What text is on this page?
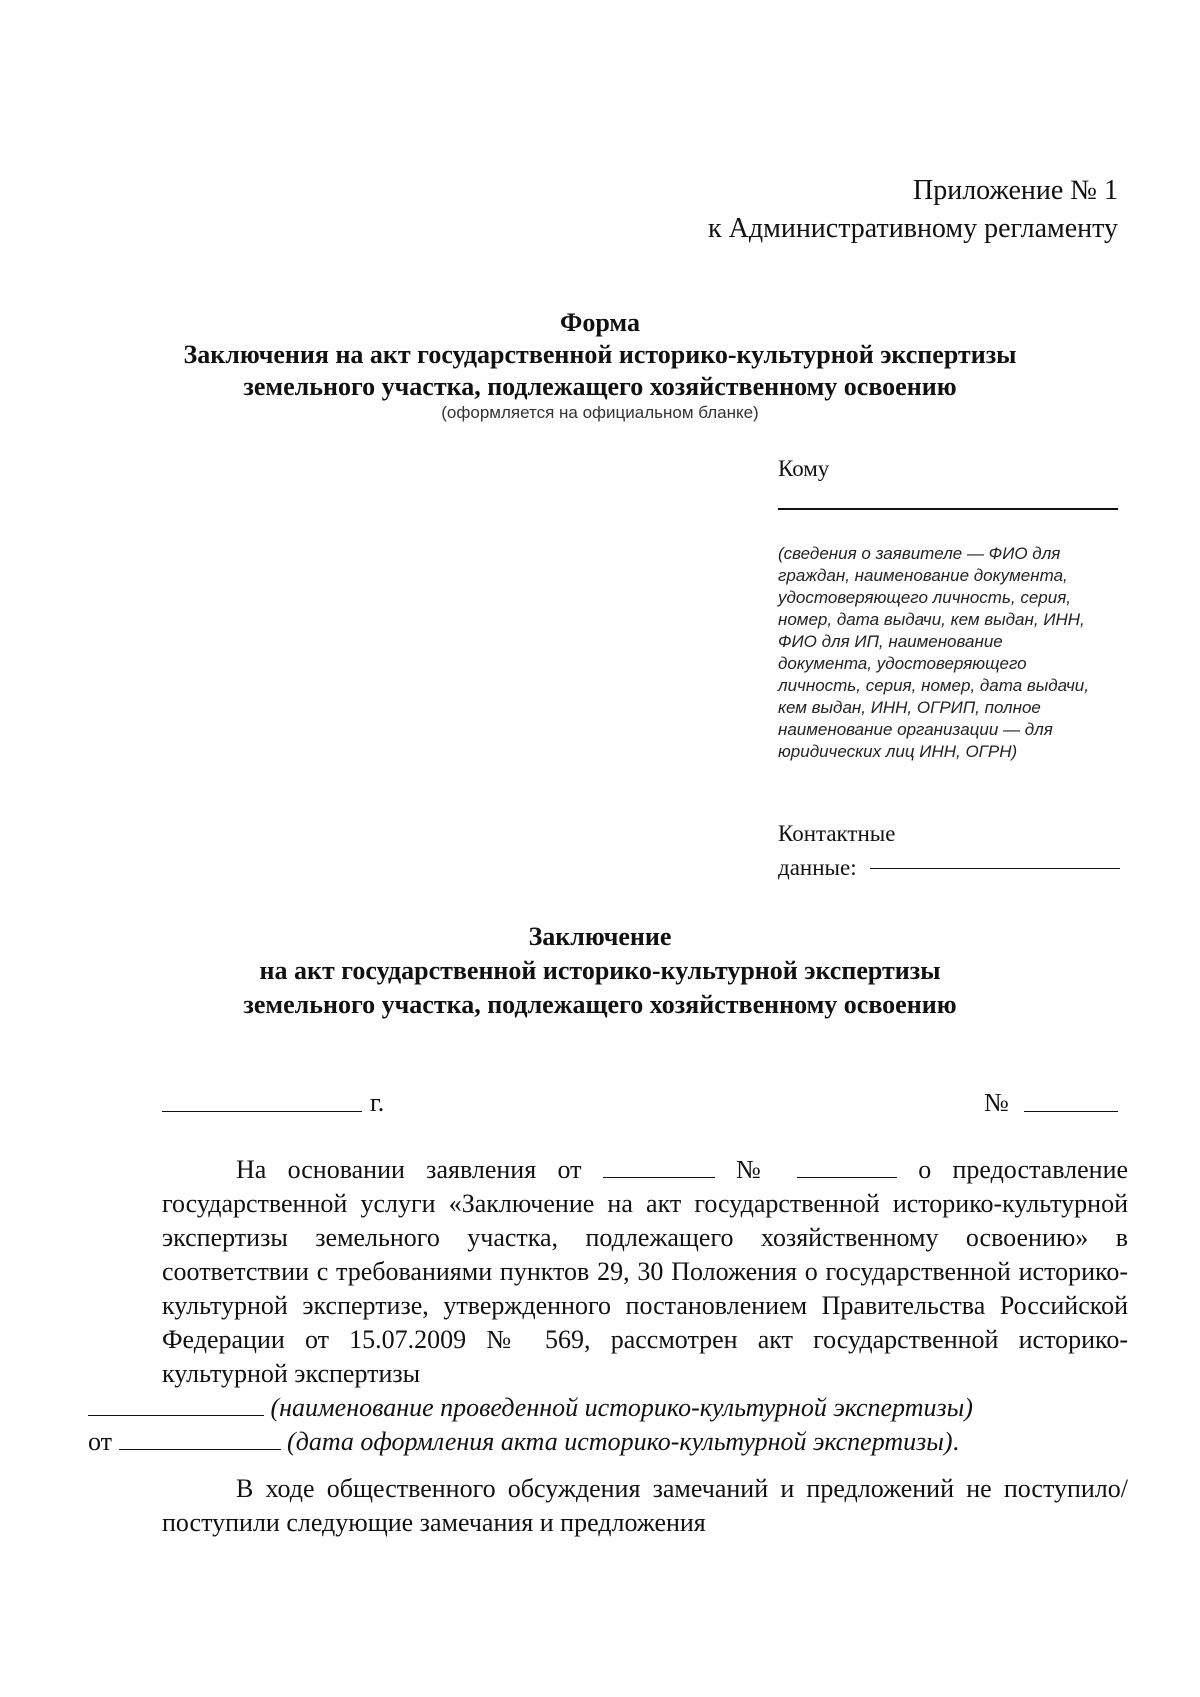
Приложение № 1
к Административному регламенту
Форма
Заключения на акт государственной историко-культурной экспертизы
земельного участка, подлежащего хозяйственному освоению
(оформляется на официальном бланке)
Кому
(сведения о заявителе — ФИО для граждан, наименование документа, удостоверяющего личность, серия, номер, дата выдачи, кем выдан, ИНН, ФИО для ИП, наименование документа, удостоверяющего личность, серия, номер, дата выдачи, кем выдан, ИНН, ОГРИП, полное наименование организации — для юридических лиц ИНН, ОГРН)
Контактные
данные:
Заключение
на акт государственной историко-культурной экспертизы
земельного участка, подлежащего хозяйственному освоению
г.	№

На основании заявления от	№	о предоставление государственной услуги «Заключение на акт государственной историко-культурной экспертизы земельного участка, подлежащего хозяйственному освоению» в соответствии с требованиями пунктов 29, 30 Положения о государственной историко-культурной экспертизе, утвержденного постановлением Правительства Российской Федерации от 15.07.2009 № 569, рассмотрен акт государственной историко- культурной экспертизы
(наименование проведенной историко-культурной экспертизы)
от	(дата оформления акта историко-культурной экспертизы).

В ходе общественного обсуждения замечаний и предложений не поступило/ поступили следующие замечания и предложения
